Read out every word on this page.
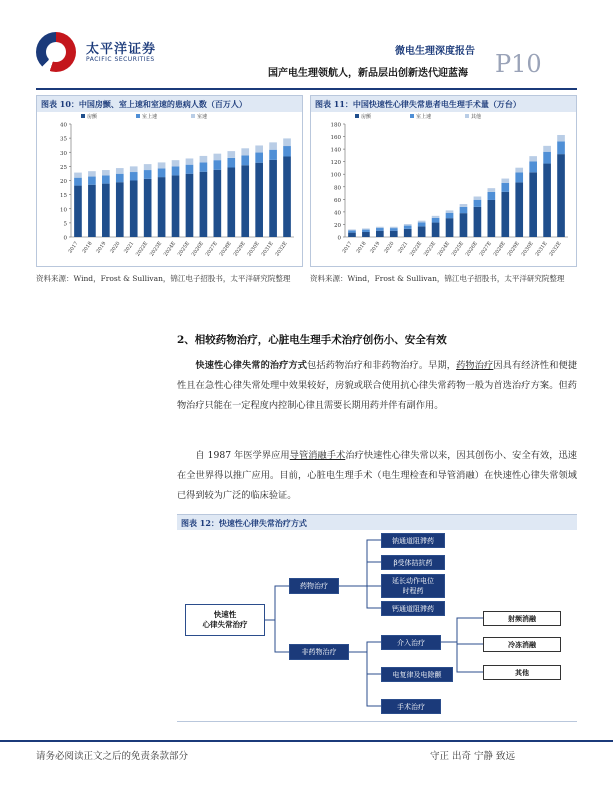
太平洋证券
PACIFIC SECURITIES
微电生理深度报告
国产电生理领航人，新品层出创新迭代迎蓝海 P10
图表 10：中国房颤、室上速和室速的患病人数（百万人）
0
5
10
15
20
25
30
35
40
房颤	室上速	室速
2017 2018 2019 2020 2021 2022E 2023E 2024E 2025E 2026E 2027E 2028E 2029E 2030E 2031E 2032E
资料来源：Wind，Frost & Sullivan，锦江电子招股书，太平洋研究院整理
图表 11：中国快速性心律失常患者电生理手术量（万台）
0
20
40
60
80
100
120
140
160
180
房颤	室上速	其他
2017 2018 2019 2020 2021 2022E 2023E 2024E 2025E 2026E 2027E 2028E 2029E 2030E 2031E 2032E
资料来源：Wind，Frost & Sullivan，锦江电子招股书，太平洋研究院整理
2、相较药物治疗，心脏电生理手术治疗创伤小、安全有效
快速性心律失常的治疗方式包括药物治疗和非药物治疗。早期，药物治疗因具有经济性和便捷性且在急性心律失常处理中效果较好，房貌或联合使用抗心律失常药物一般为首选治疗方案。但药物治疗只能在一定程度内控制心律且需要长期用药并伴有副作用。
自 1987 年医学界应用导管消融手术治疗快速性心律失常以来，因其创伤小、安全有效，迅速在全世界得以推广应用。目前，心脏电生理手术（电生理检查和导管消融）在快速性心律失常领域已得到较为广泛的临床验证。
图表 12：快速性心律失常治疗方式
快速性
心律失常治疗
药物治疗
非药物治疗
钠通道阻滞药
β受体拮抗药
延长动作电位
时程药
钙通道阻滞药
介入治疗
电复律及电除颤
手术治疗
射频消融
冷冻消融
其他
请务必阅读正文之后的免责条款部分	守正 出奇 宁静 致远
